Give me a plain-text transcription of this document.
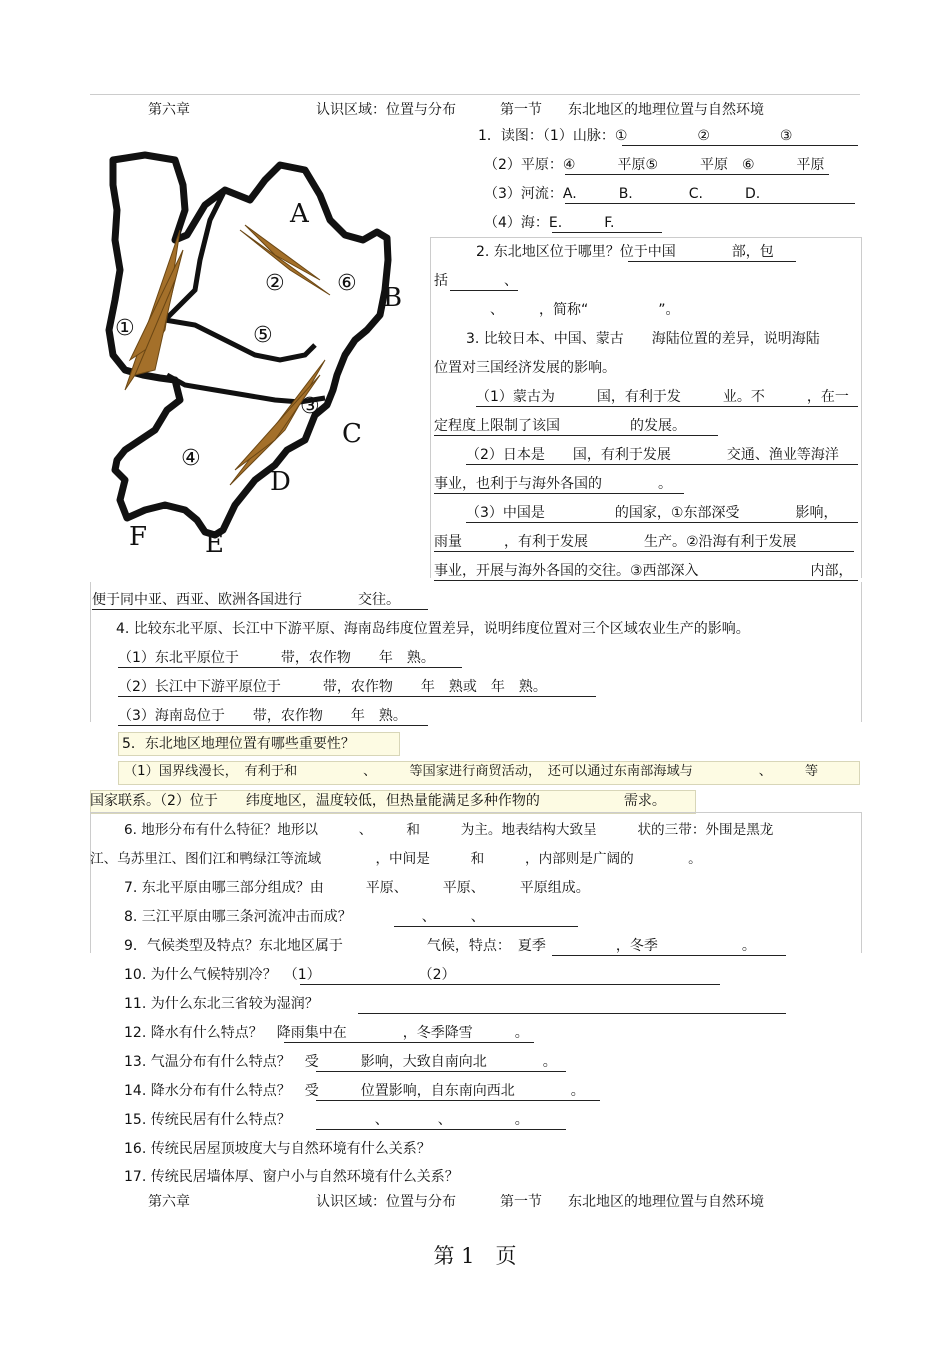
第六章	认识区域：位置与分布	第一节 东北地区的地理位置与自然环境
A
B
C
D
E
F
①
②
③
④
⑤
⑥
1．读图：（1）山脉：①　　　　　②　　　　　③
（2）平原：④　　　平原⑤　　　平原　⑥　　　平原
（3）河流：A.　　　B.　　　　C.　　　D.
（4）海：E.　　　F.
2. 东北地区位于哪里？位于中国　　　　部，包
括　　　　、
　　　　、　　　，简称“　　　　　”。
3. 比较日本、中国、蒙古　　海陆位置的差异，说明海陆
位置对三国经济发展的影响。
（1）蒙古为　　　国，有利于发　　　业。不　　　，在一
定程度上限制了该国　　　　　的发展。
（2）日本是　　国，有利于发展　　　　交通、渔业等海洋
事业，也利于与海外各国的　　　　。
（3）中国是　　　　　的国家，①东部深受　　　　影响，
雨量　　　，有利于发展　　　　生产。②沿海有利于发展
事业，开展与海外各国的交往。③西部深入　　　　　　　　内部，
便于同中亚、西亚、欧洲各国进行　　　　交往。
4. 比较东北平原、长江中下游平原、海南岛纬度位置差异，说明纬度位置对三个区域农业生产的影响。
（1）东北平原位于　　　带，农作物　　年　熟。
（2）长江中下游平原位于　　　带，农作物　　年　熟或　年　熟。
（3）海南岛位于　　带，农作物　　年　熟。
5．东北地区地理位置有哪些重要性？
（1）国界线漫长，　有利于和　　　　　、　　　等国家进行商贸活动，　还可以通过东南部海域与　　　　　、　　　等
国家联系。（2）位于　　纬度地区，温度较低，但热量能满足多种作物的　　　　　　需求。
6. 地形分布有什么特征？地形以　　　、　　　和　　　为主。地表结构大致呈　　　状的三带：外围是黑龙
江、乌苏里江、图们江和鸭绿江等流域　　　　，中间是　　　和　　　，内部则是广阔的　　　　。
7. 东北平原由哪三部分组成？由　　　平原、　　　平原、　　　平原组成。
8. 三江平原由哪三条河流冲击而成？　　　　　、　　　、
9．气候类型及特点？东北地区属于　　　　　　气候，特点：　夏季　　　　　，冬季　　　　　　。
10. 为什么气候特别冷？　（1）　　　　　　　　（2）
11. 为什么东北三省较为湿润？
12. 降水有什么特点？　降雨集中在　　　　，冬季降雪　　　。
13. 气温分布有什么特点？　受　　　影响，大致自南向北　　　　。
14. 降水分布有什么特点？　受　　　位置影响，自东南向西北　　　　。
15. 传统民居有什么特点？　　　　　　、　　　　、　　　　　。
16. 传统民居屋顶坡度大与自然环境有什么关系？
17. 传统民居墙体厚、窗户小与自然环境有什么关系？
第六章	认识区域：位置与分布	第一节 东北地区的地理位置与自然环境
第 1　页
